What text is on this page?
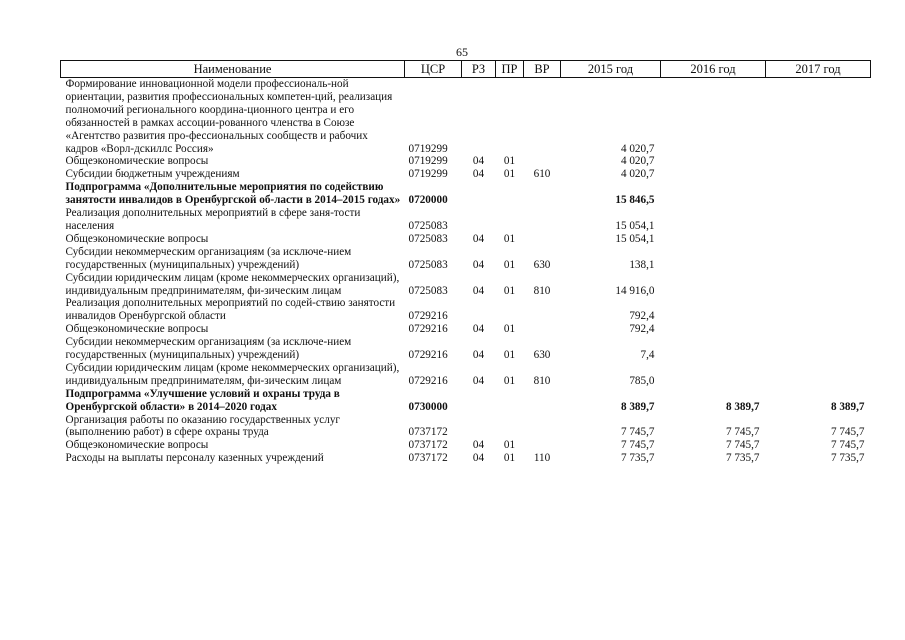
65
Наименование	ЦСР	РЗ	ПР	ВР	2015 год	2016 год	2017 год
Формирование инновационной модели профессиональ-ной ориентации, развития профессиональных компетен-ций, реализация полномочий регионального координа-ционного центра и его обязанностей в рамках ассоции-рованного членства в Союзе «Агентство развития про-фессиональных сообществ и рабочих кадров «Ворл-дскиллс Россия»	0719299				4 020,7		
Общеэкономические вопросы	0719299	04	01		4 020,7		
Субсидии бюджетным учреждениям	0719299	04	01	610	4 020,7		
Подпрограмма «Дополнительные мероприятия по содействию занятости инвалидов в Оренбургской об-ласти в 2014–2015 годах»	0720000				15 846,5		
Реализация дополнительных мероприятий в сфере заня-тости населения	0725083				15 054,1		
Общеэкономические вопросы	0725083	04	01		15 054,1		
Субсидии некоммерческим организациям (за исключе-нием государственных (муниципальных) учреждений)	0725083	04	01	630	138,1		
Субсидии юридическим лицам (кроме некоммерческих организаций), индивидуальным предпринимателям, фи-зическим лицам	0725083	04	01	810	14 916,0		
Реализация дополнительных мероприятий по содей-ствию занятости инвалидов Оренбургской области	0729216				792,4		
Общеэкономические вопросы	0729216	04	01		792,4		
Субсидии некоммерческим организациям (за исключе-нием государственных (муниципальных) учреждений)	0729216	04	01	630	7,4		
Субсидии юридическим лицам (кроме некоммерческих организаций), индивидуальным предпринимателям, фи-зическим лицам	0729216	04	01	810	785,0		
Подпрограмма «Улучшение условий и охраны труда в Оренбургской области» в 2014–2020 годах	0730000				8 389,7	8 389,7	8 389,7
Организация работы по оказанию государственных услуг (выполнению работ) в сфере охраны труда	0737172				7 745,7	7 745,7	7 745,7
Общеэкономические вопросы	0737172	04	01		7 745,7	7 745,7	7 745,7
Расходы на выплаты персоналу казенных учреждений	0737172	04	01	110	7 735,7	7 735,7	7 735,7
